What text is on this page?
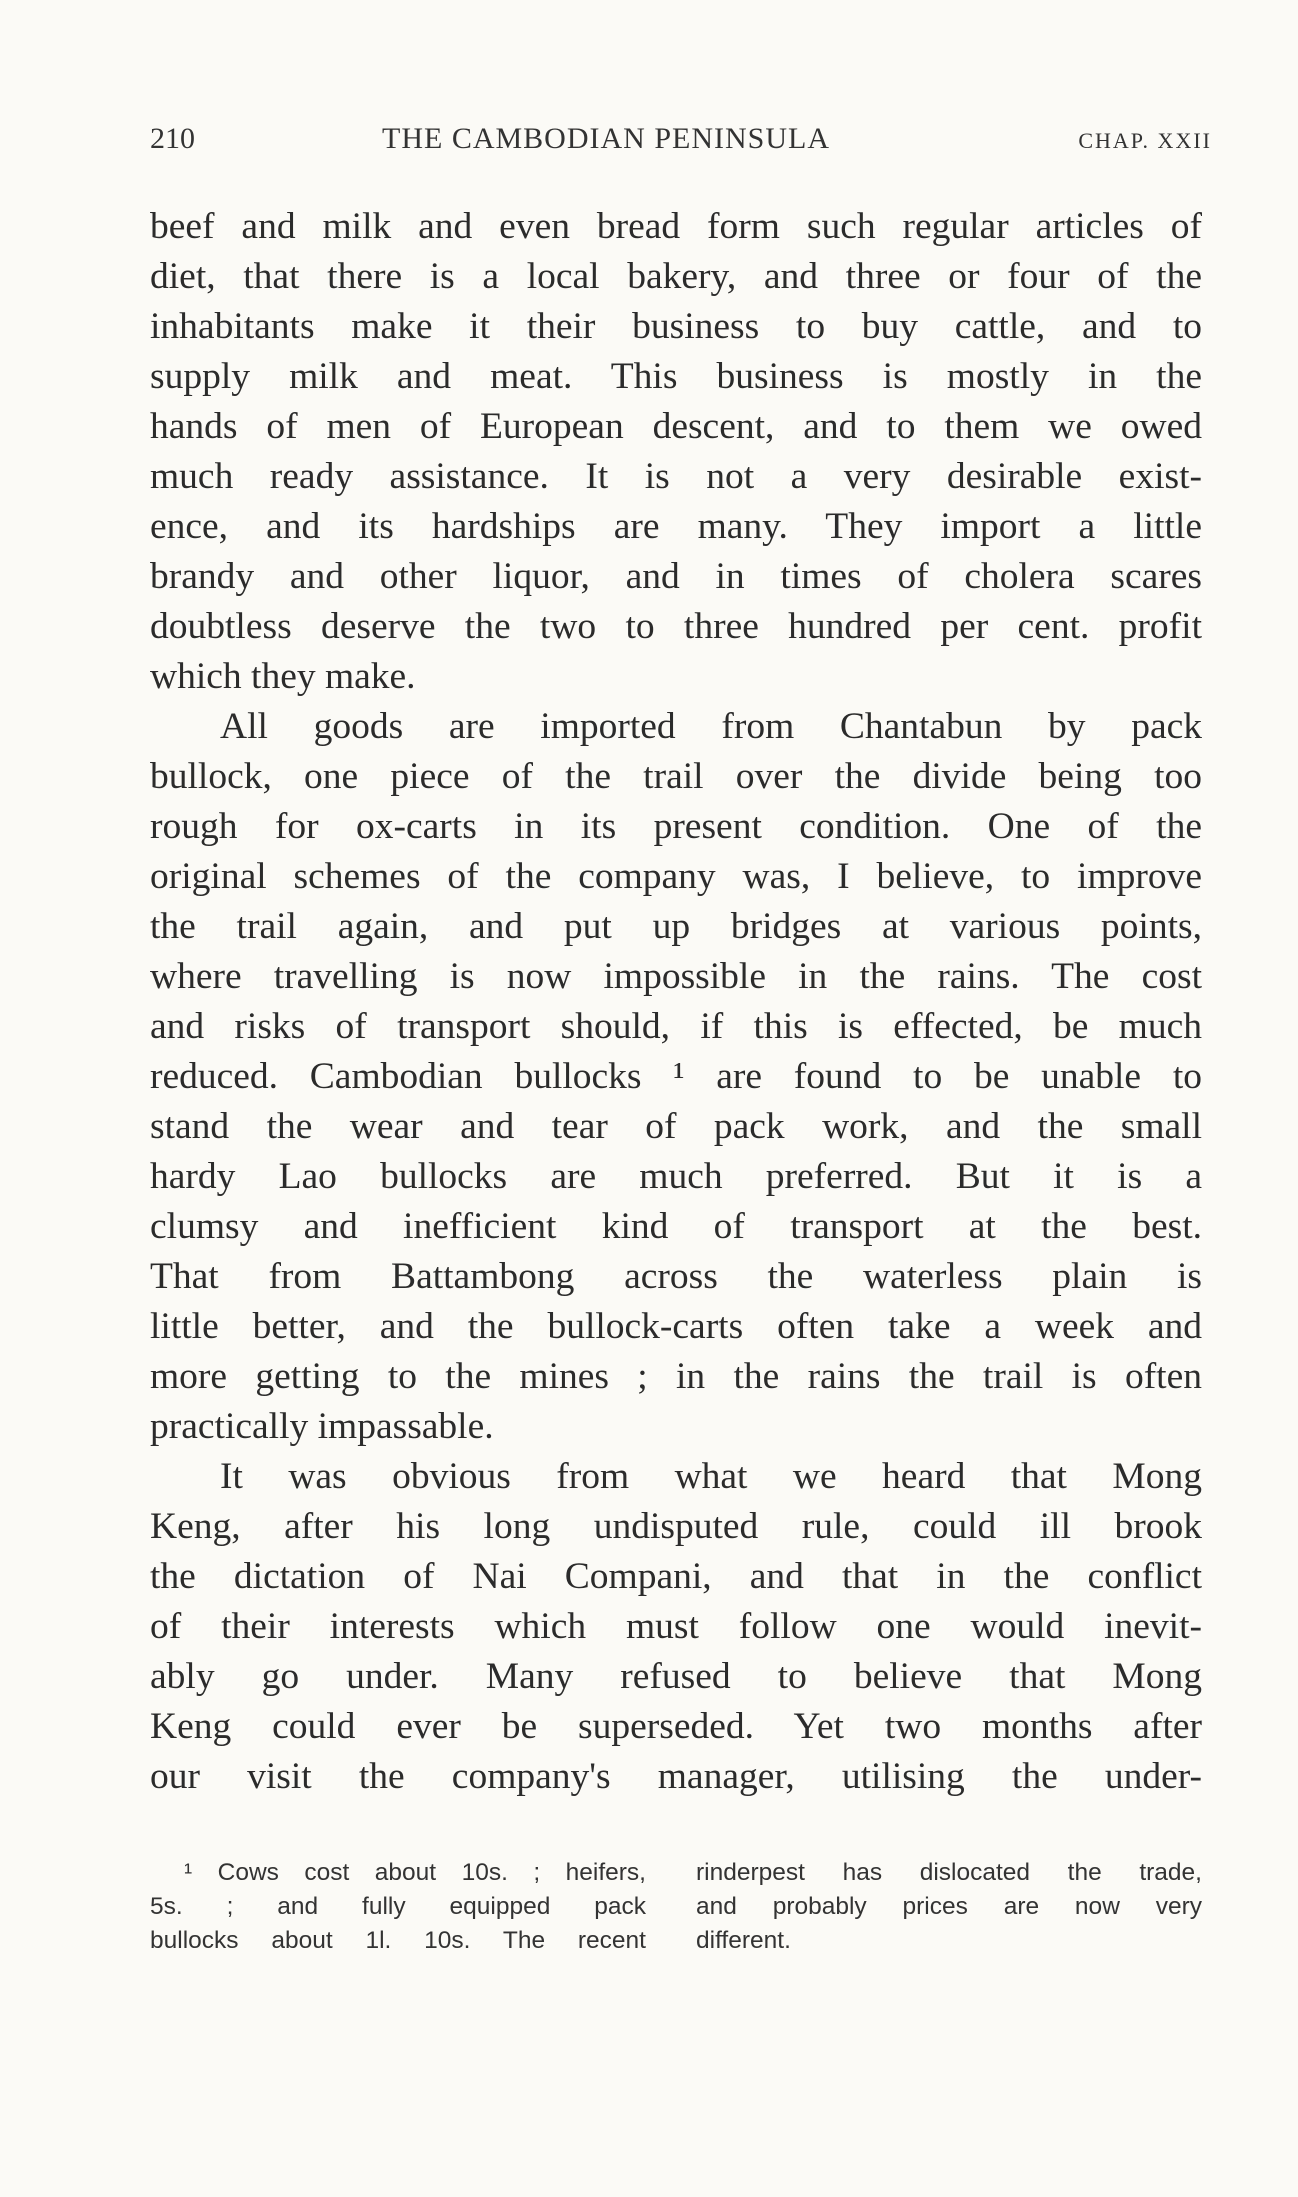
210	THE CAMBODIAN PENINSULA	CHAP. XXII
beef and milk and even bread form such regular articles of
diet, that there is a local bakery, and three or four of the
inhabitants make it their business to buy cattle, and to
supply milk and meat. This business is mostly in the
hands of men of European descent, and to them we owed
much ready assistance. It is not a very desirable exist-
ence, and its hardships are many. They import a little
brandy and other liquor, and in times of cholera scares
doubtless deserve the two to three hundred per cent. profit
which they make.
All goods are imported from Chantabun by pack
bullock, one piece of the trail over the divide being too
rough for ox-carts in its present condition. One of the
original schemes of the company was, I believe, to improve
the trail again, and put up bridges at various points,
where travelling is now impossible in the rains. The cost
and risks of transport should, if this is effected, be much
reduced. Cambodian bullocks ¹ are found to be unable to
stand the wear and tear of pack work, and the small
hardy Lao bullocks are much preferred. But it is a
clumsy and inefficient kind of transport at the best.
That from Battambong across the waterless plain is
little better, and the bullock-carts often take a week and
more getting to the mines ; in the rains the trail is often
practically impassable.
It was obvious from what we heard that Mong
Keng, after his long undisputed rule, could ill brook
the dictation of Nai Compani, and that in the conflict
of their interests which must follow one would inevit-
ably go under. Many refused to believe that Mong
Keng could ever be superseded. Yet two months after
our visit the company's manager, utilising the under-
¹ Cows cost about 10s. ; heifers,
5s. ; and fully equipped pack
bullocks about 1l. 10s. The recent
rinderpest has dislocated the trade,
and probably prices are now very
different.
